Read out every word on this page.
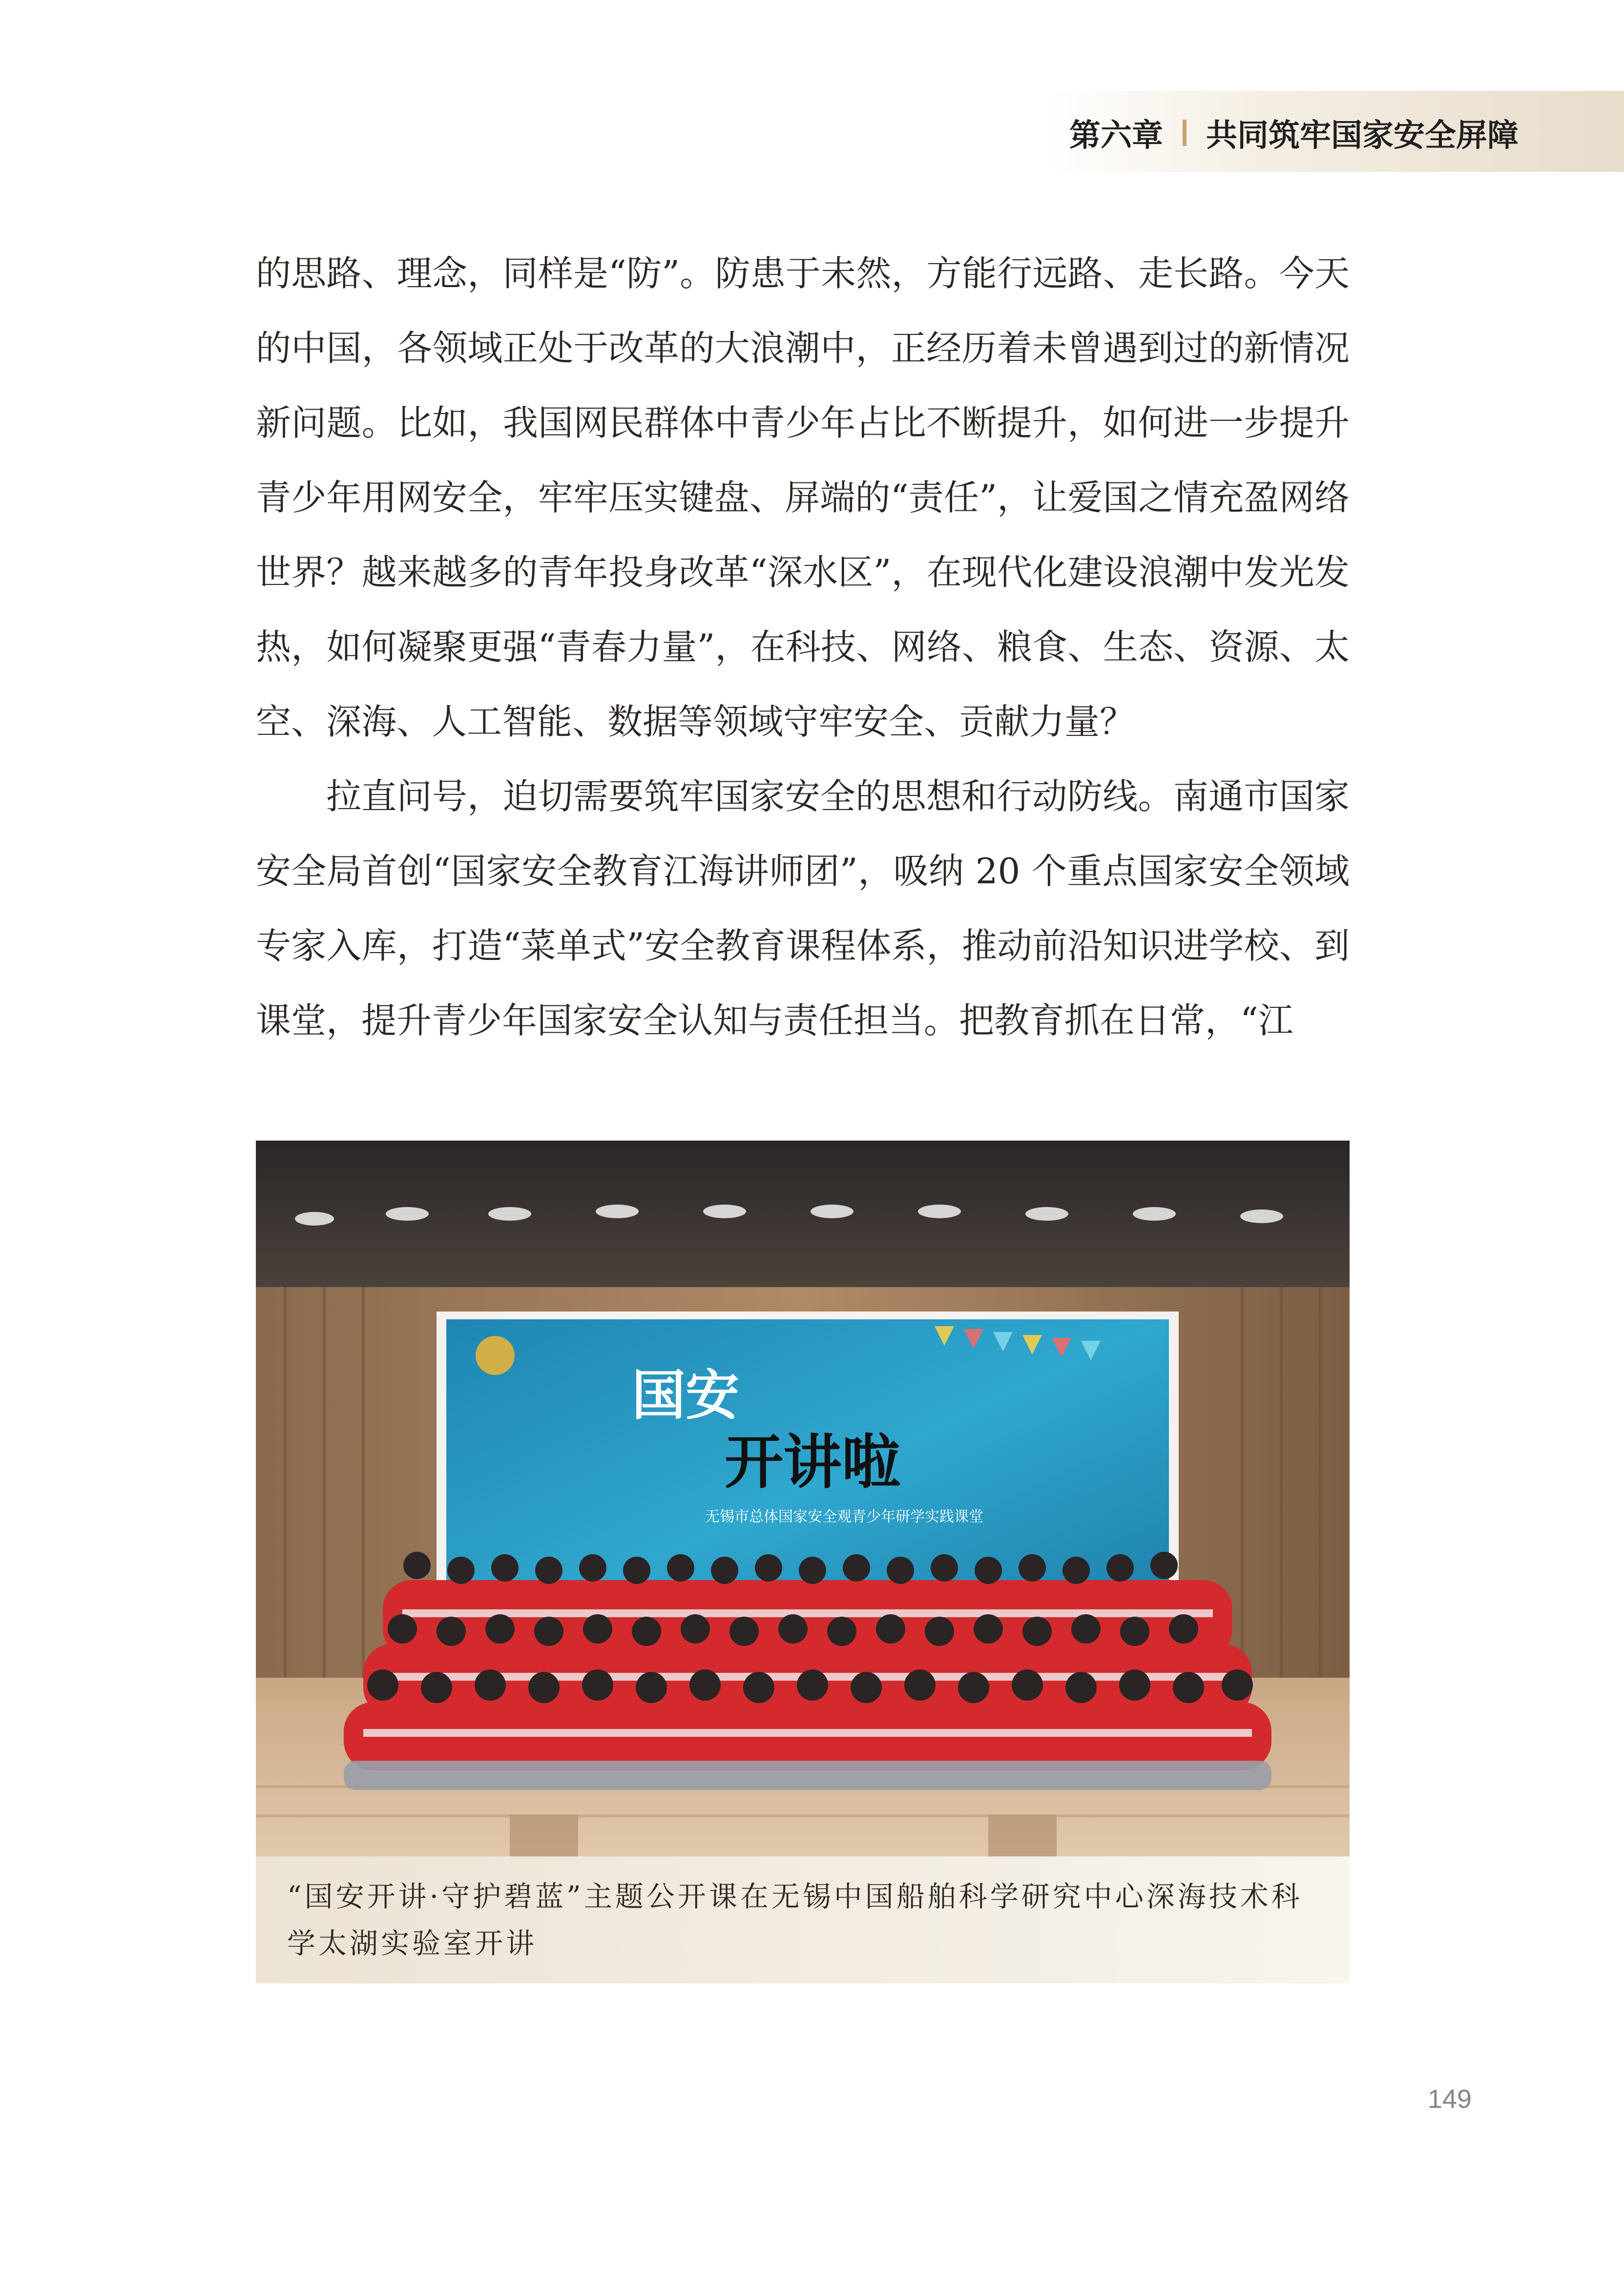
第六章 共同筑牢国家安全屏障

的思路、理念，同样是“防”。防患于未然，方能行远路、走长路。今天的中国，各领域正处于改革的大浪潮中，正经历着未曾遇到过的新情况新问题。比如，我国网民群体中青少年占比不断提升，如何进一步提升青少年用网安全，牢牢压实键盘、屏端的“责任”，让爱国之情充盈网络世界？越来越多的青年投身改革“深水区”，在现代化建设浪潮中发光发热，如何凝聚更强“青春力量”，在科技、网络、粮食、生态、资源、太空、深海、人工智能、数据等领域守牢安全、贡献力量？

拉直问号，迫切需要筑牢国家安全的思想和行动防线。南通市国家安全局首创“国家安全教育江海讲师团”，吸纳 20 个重点国家安全领域专家入库，打造“菜单式”安全教育课程体系，推动前沿知识进学校、到课堂，提升青少年国家安全认知与责任担当。把教育抓在日常，“江

国安
开讲啦
无锡市总体国家安全观青少年研学实践课堂
“国安开讲·守护碧蓝”主题公开课在无锡中国船舶科学研究中心深海技术科学太湖实验室开讲
149
